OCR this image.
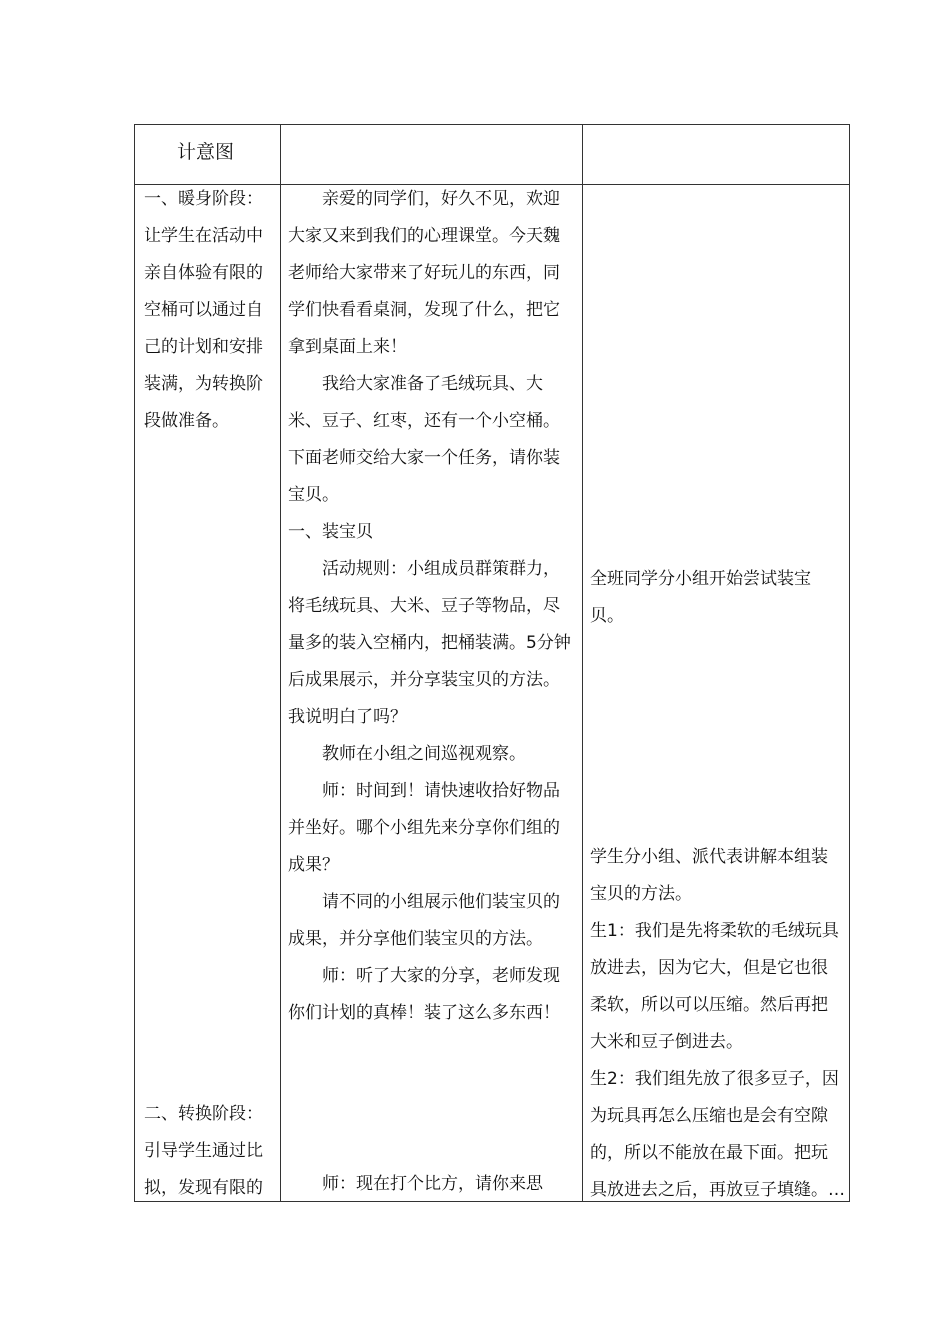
计意图
一、暖身阶段：
让学生在活动中
亲自体验有限的
空桶可以通过自
己的计划和安排
装满，为转换阶
段做准备。
二、转换阶段：
引导学生通过比
拟，发现有限的
　　亲爱的同学们，好久不见，欢迎
大家又来到我们的心理课堂。今天魏
老师给大家带来了好玩儿的东西，同
学们快看看桌洞，发现了什么，把它
拿到桌面上来！
　　我给大家准备了毛绒玩具、大
米、豆子、红枣，还有一个小空桶。
下面老师交给大家一个任务，请你装
宝贝。
一、装宝贝
　　活动规则：小组成员群策群力，
将毛绒玩具、大米、豆子等物品，尽
量多的装入空桶内，把桶装满。5分钟
后成果展示，并分享装宝贝的方法。
我说明白了吗？
　　教师在小组之间巡视观察。
　　师：时间到！请快速收拾好物品
并坐好。哪个小组先来分享你们组的
成果？
　　请不同的小组展示他们装宝贝的
成果，并分享他们装宝贝的方法。
　　师：听了大家的分享，老师发现
你们计划的真棒！装了这么多东西！
　　师：现在打个比方，请你来思
全班同学分小组开始尝试装宝
贝。
学生分小组、派代表讲解本组装
宝贝的方法。
生1：我们是先将柔软的毛绒玩具
放进去，因为它大，但是它也很
柔软，所以可以压缩。然后再把
大米和豆子倒进去。
生2：我们组先放了很多豆子，因
为玩具再怎么压缩也是会有空隙
的，所以不能放在最下面。把玩
具放进去之后，再放豆子填缝。…
